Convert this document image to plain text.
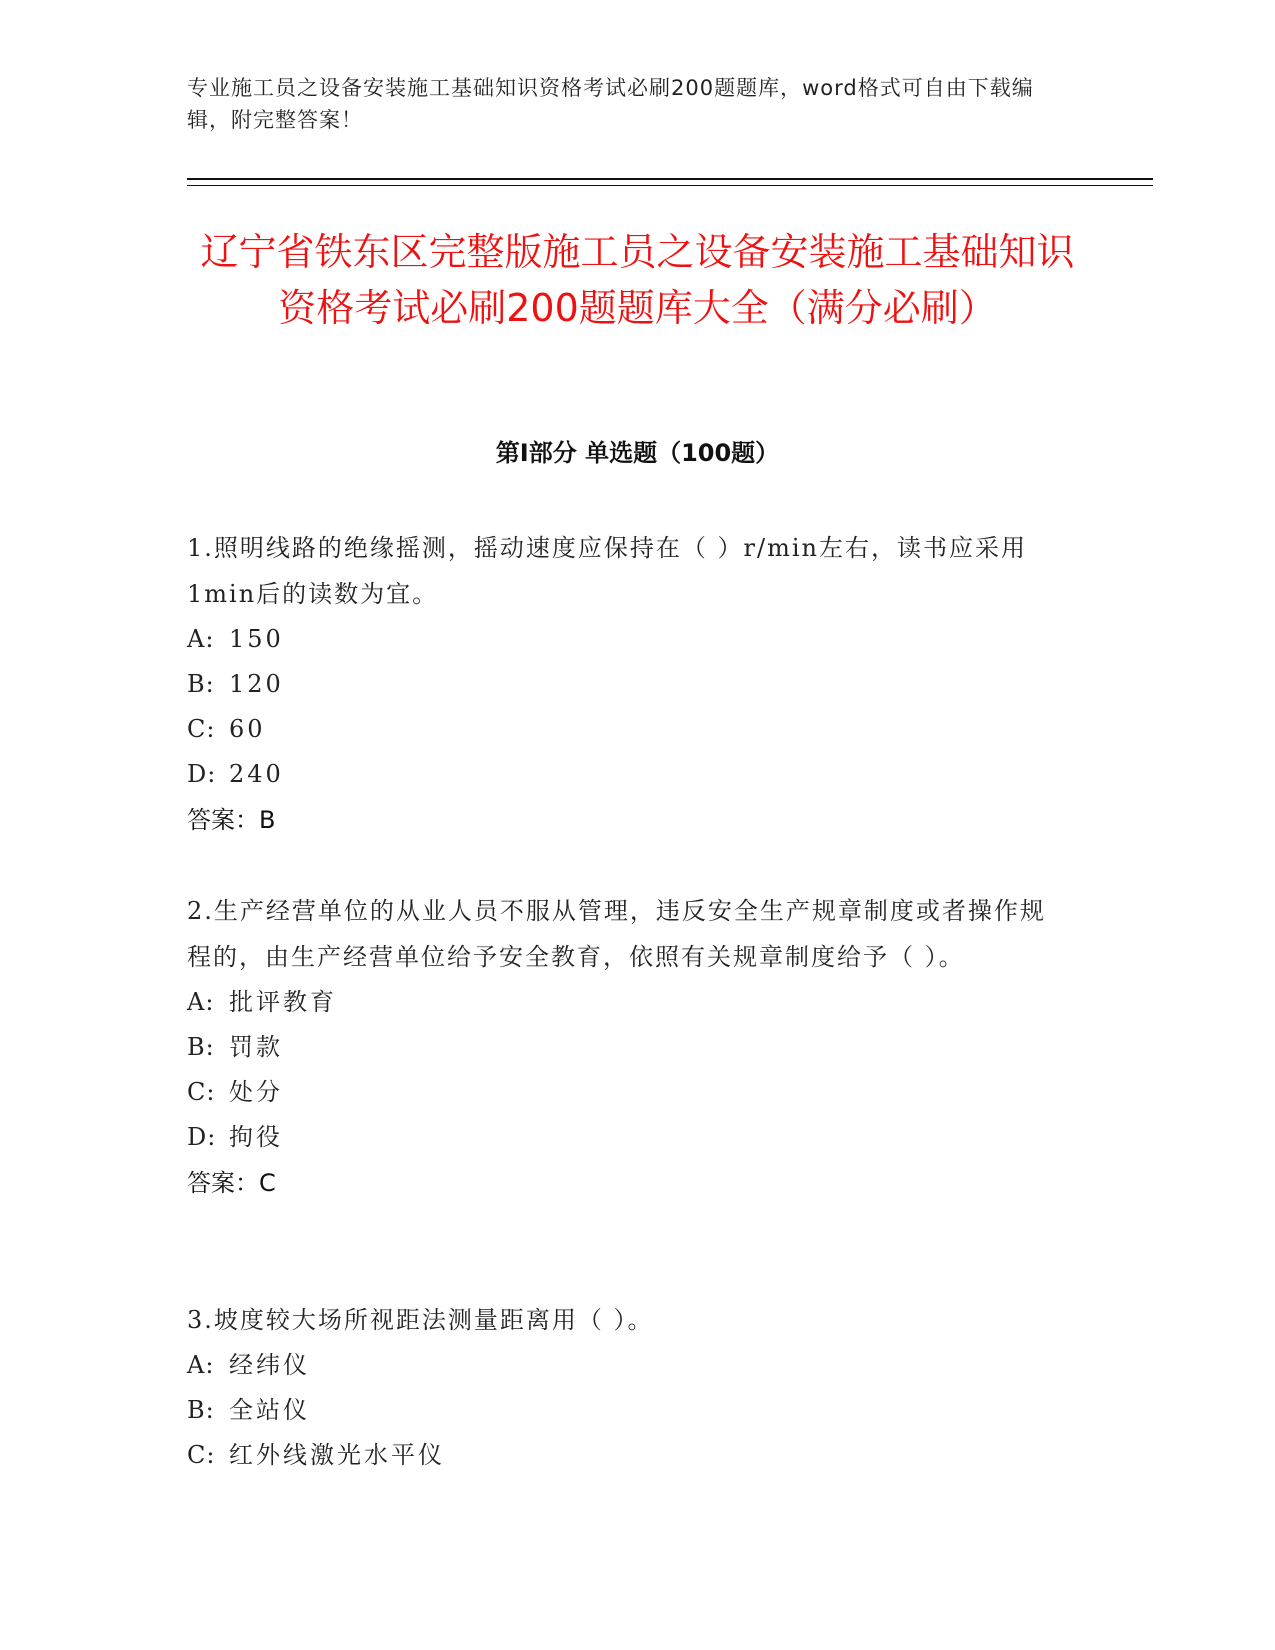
专业施工员之设备安装施工基础知识资格考试必刷200题题库，word格式可自由下载编辑，附完整答案！
辽宁省铁东区完整版施工员之设备安装施工基础知识资格考试必刷200题题库大全（满分必刷）
第I部分 单选题（100题）

1.照明线路的绝缘摇测，摇动速度应保持在（ ）r/min左右，读书应采用1min后的读数为宜。

A: 150

B: 120

C: 60

D: 240

答案：B

2.生产经营单位的从业人员不服从管理，违反安全生产规章制度或者操作规程的，由生产经营单位给予安全教育，依照有关规章制度给予（ ）。

A: 批评教育

B: 罚款

C: 处分

D: 拘役

答案：C

3.坡度较大场所视距法测量距离用（ ）。

A: 经纬仪

B: 全站仪

C: 红外线激光水平仪
